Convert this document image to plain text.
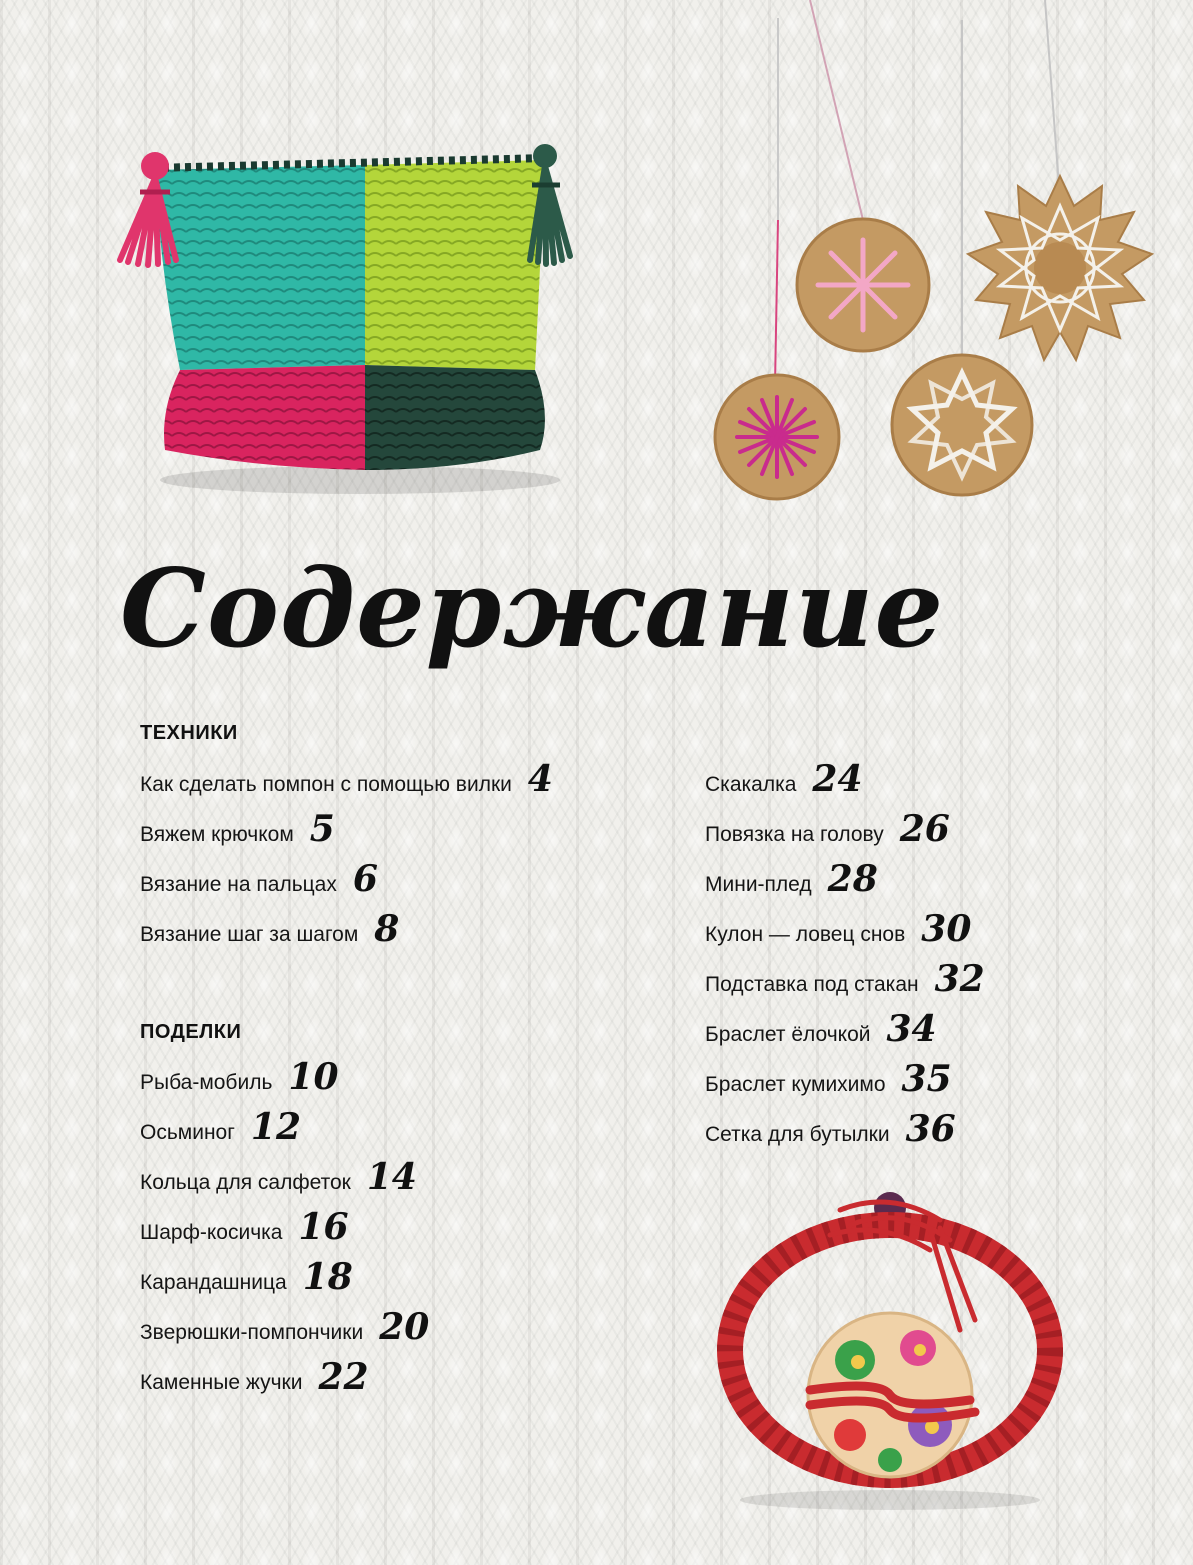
Содержание
ТЕХНИКИ
Как сделать помпон с помощью вилки 4
Вяжем крючком 5
Вязание на пальцах 6
Вязание шаг за шагом 8
ПОДЕЛКИ
Рыба-мобиль 10
Осьминог 12
Кольца для салфеток 14
Шарф-косичка 16
Карандашница 18
Зверюшки-помпончики 20
Каменные жучки 22
Скакалка 24
Повязка на голову 26
Мини-плед 28
Кулон — ловец снов 30
Подставка под стакан 32
Браслет ёлочкой 34
Браслет кумихимо 35
Сетка для бутылки 36
